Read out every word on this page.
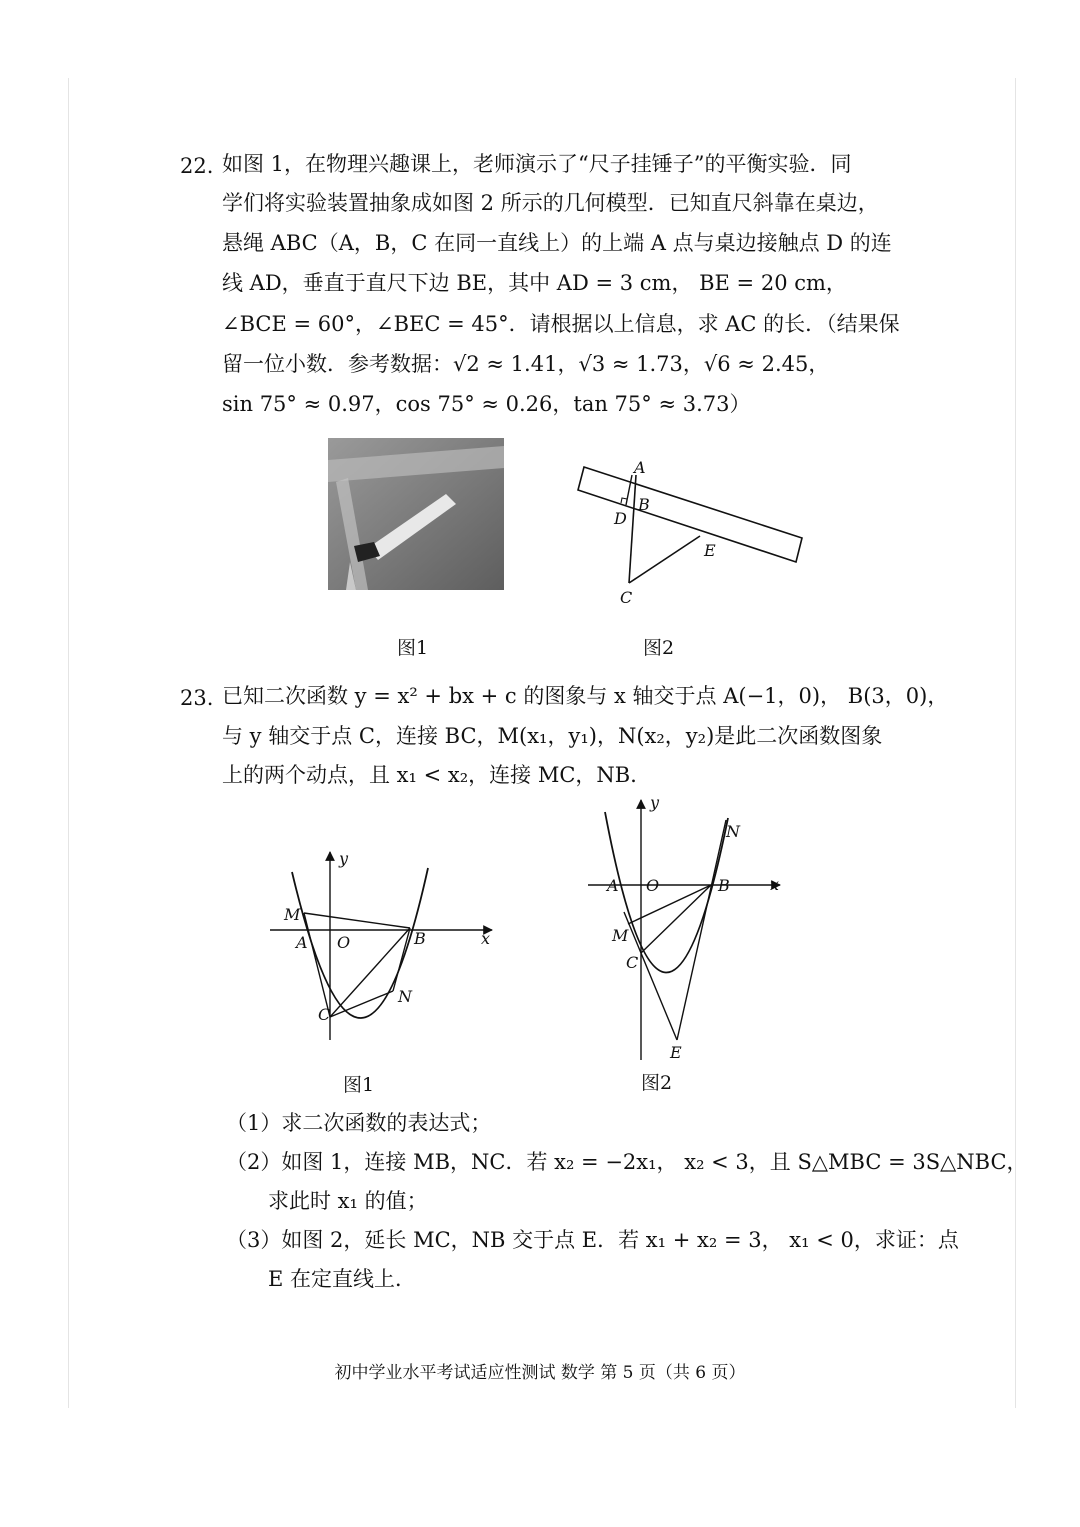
22. 如图 1，在物理兴趣课上，老师演示了“尺子挂锤子”的平衡实验．同
学们将实验装置抽象成如图 2 所示的几何模型．已知直尺斜靠在桌边，
悬绳 ABC（A，B，C 在同一直线上）的上端 A 点与桌边接触点 D 的连
线 AD，垂直于直尺下边 BE，其中 AD = 3 cm， BE = 20 cm，
∠BCE = 60°，∠BEC = 45°．请根据以上信息，求 AC 的长．（结果保
留一位小数．参考数据：√2 ≈ 1.41，√3 ≈ 1.73，√6 ≈ 2.45，
sin 75° ≈ 0.97，cos 75° ≈ 0.26，tan 75° ≈ 3.73）
图1
A
B
D
E
C
图2
23. 已知二次函数 y = x² + bx + c 的图象与 x 轴交于点 A(−1，0)， B(3，0)，
与 y 轴交于点 C，连接 BC，M(x₁，y₁)，N(x₂，y₂)是此二次函数图象
上的两个动点，且 x₁ < x₂，连接 MC，NB．
y
x
M
A O	B
N
C
图1
y
x
N
A O	B
M
C
E
图2
（1）求二次函数的表达式；
（2）如图 1，连接 MB，NC．若 x₂ = −2x₁， x₂ < 3，且 S△MBC = 3S△NBC，
求此时 x₁ 的值；
（3）如图 2，延长 MC，NB 交于点 E．若 x₁ + x₂ = 3， x₁ < 0，求证：点
E 在定直线上．
初中学业水平考试适应性测试 数学 第 5 页（共 6 页）
